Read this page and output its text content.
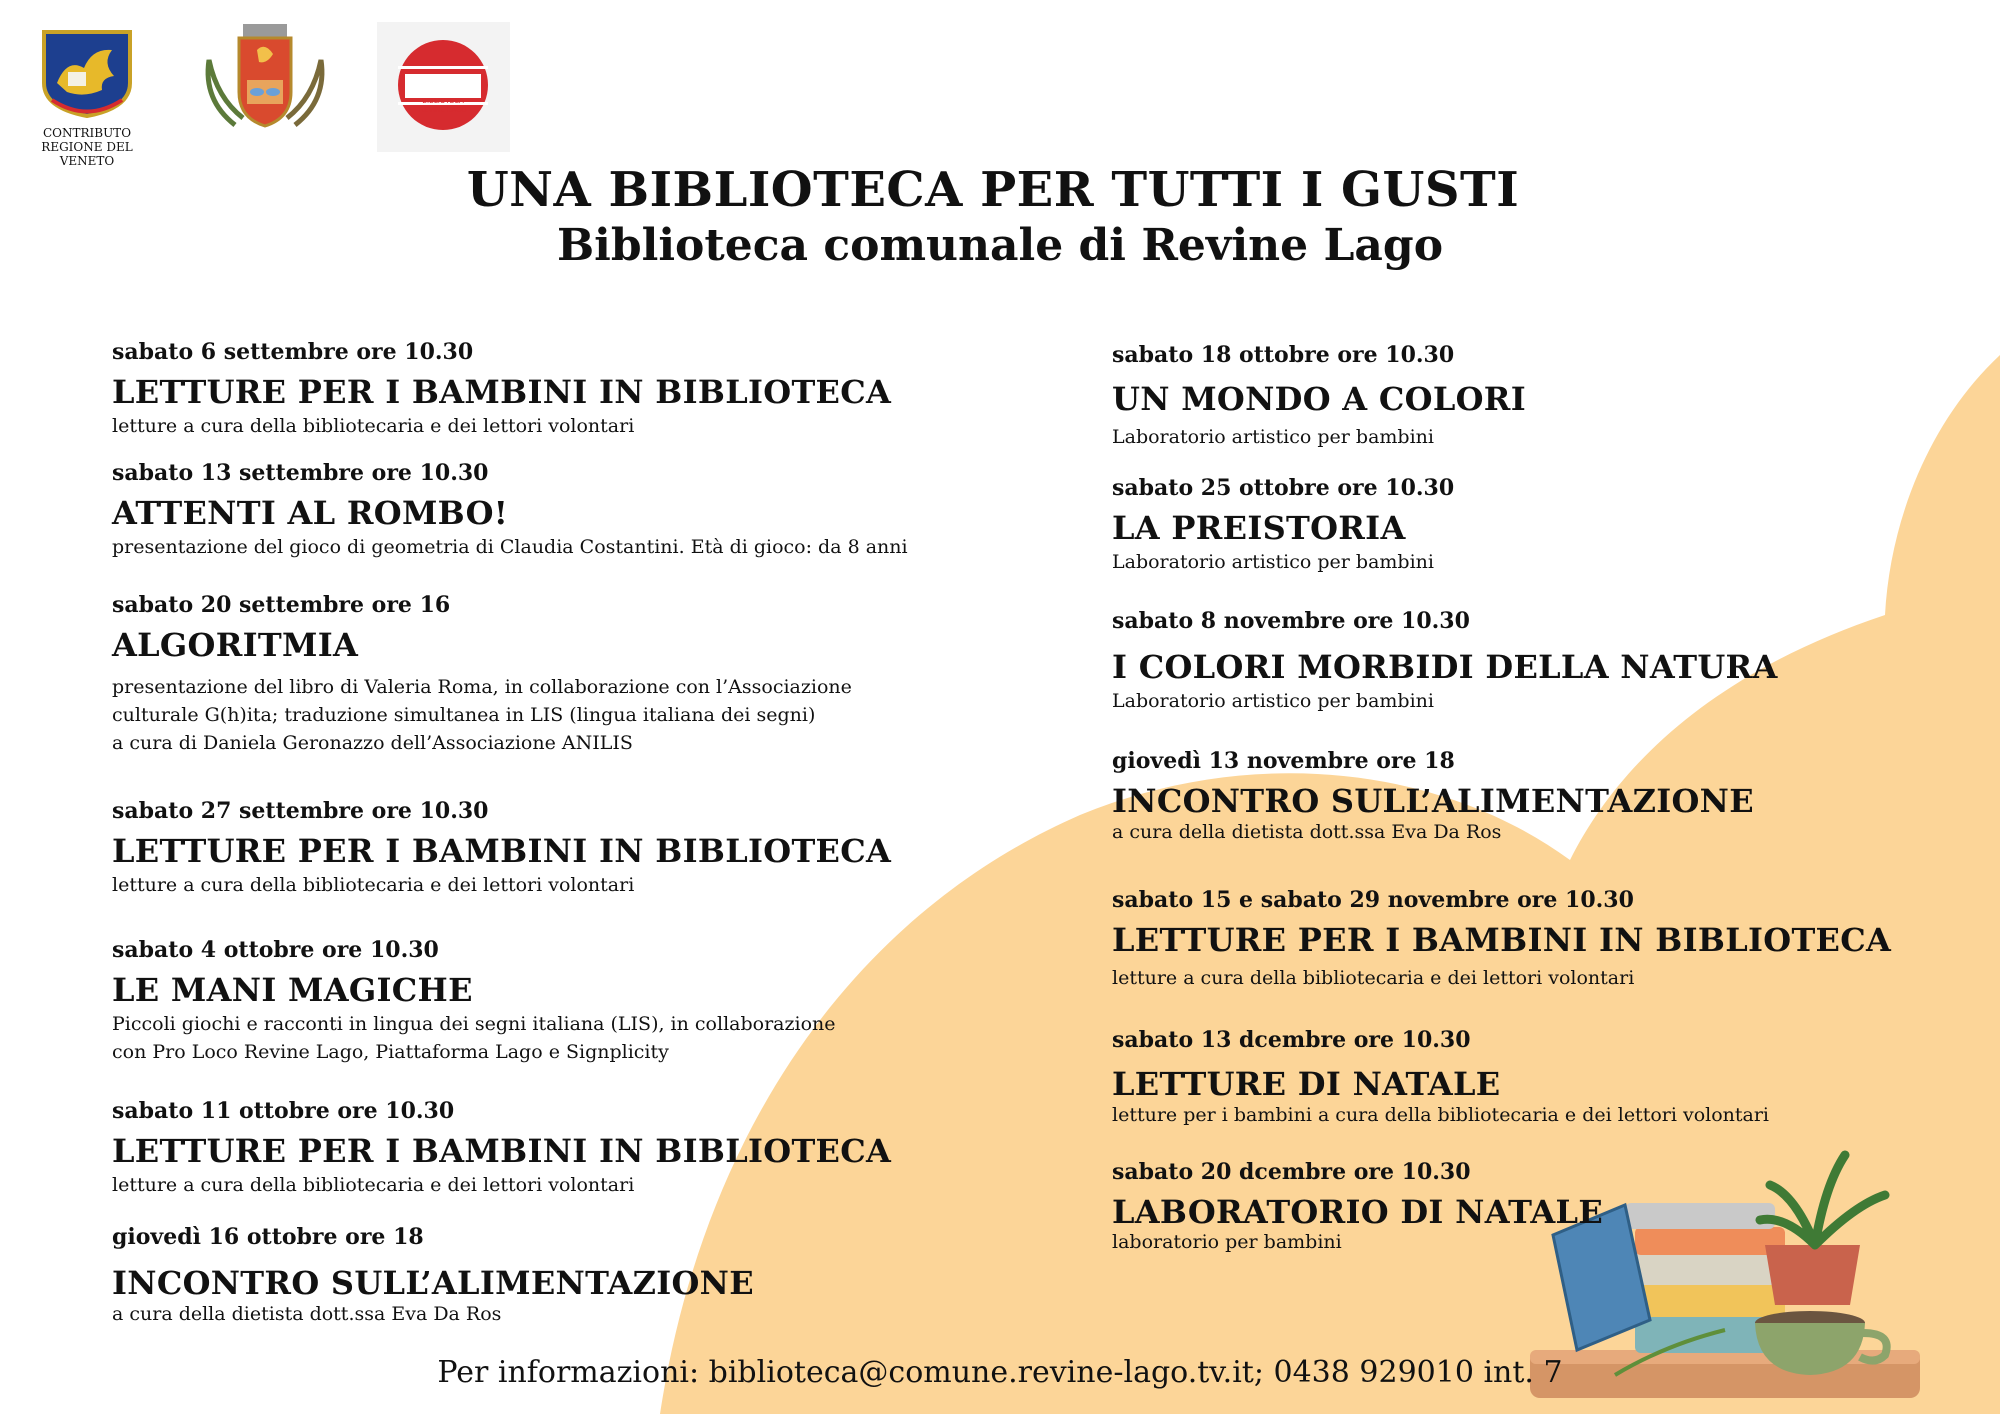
CONTRIBUTO
REGIONE DEL VENETO
BIBLIOTECA
REVINE LAGO
UNA BIBLIOTECA PER TUTTI I GUSTI
Biblioteca comunale di Revine Lago
sabato 6 settembre ore 10.30
LETTURE PER I BAMBINI IN BIBLIOTECA
letture a cura della bibliotecaria e dei lettori volontari
sabato 13 settembre ore 10.30
ATTENTI AL ROMBO!
presentazione del gioco di geometria di Claudia Costantini. Età di gioco: da 8 anni
sabato 20 settembre ore 16
ALGORITMIA
presentazione del libro di Valeria Roma, in collaborazione con l’Associazione
culturale G(h)ita; traduzione simultanea in LIS (lingua italiana dei segni)
a cura di Daniela Geronazzo dell’Associazione ANILIS
sabato 27 settembre ore 10.30
LETTURE PER I BAMBINI IN BIBLIOTECA
letture a cura della bibliotecaria e dei lettori volontari
sabato 4 ottobre ore 10.30
LE MANI MAGICHE
Piccoli giochi e racconti in lingua dei segni italiana (LIS), in collaborazione
con Pro Loco Revine Lago, Piattaforma Lago e Signplicity
sabato 11 ottobre ore 10.30
LETTURE PER I BAMBINI IN BIBLIOTECA
letture a cura della bibliotecaria e dei lettori volontari
giovedì 16 ottobre ore 18
INCONTRO SULL’ALIMENTAZIONE
a cura della dietista dott.ssa Eva Da Ros
sabato 18 ottobre ore 10.30
UN MONDO A COLORI
Laboratorio artistico per bambini
sabato 25 ottobre ore 10.30
LA PREISTORIA
Laboratorio artistico per bambini
sabato 8 novembre ore 10.30
I COLORI MORBIDI DELLA NATURA
Laboratorio artistico per bambini
giovedì 13 novembre ore 18
INCONTRO SULL’ALIMENTAZIONE
a cura della dietista dott.ssa Eva Da Ros
sabato 15 e sabato 29 novembre ore 10.30
LETTURE PER I BAMBINI IN BIBLIOTECA
letture a cura della bibliotecaria e dei lettori volontari
sabato 13 dcembre ore 10.30
LETTURE DI NATALE
letture per i bambini a cura della bibliotecaria e dei lettori volontari
sabato 20 dcembre ore 10.30
LABORATORIO DI NATALE
laboratorio per bambini
Per informazioni: biblioteca@comune.revine-lago.tv.it; 0438 929010 int. 7
